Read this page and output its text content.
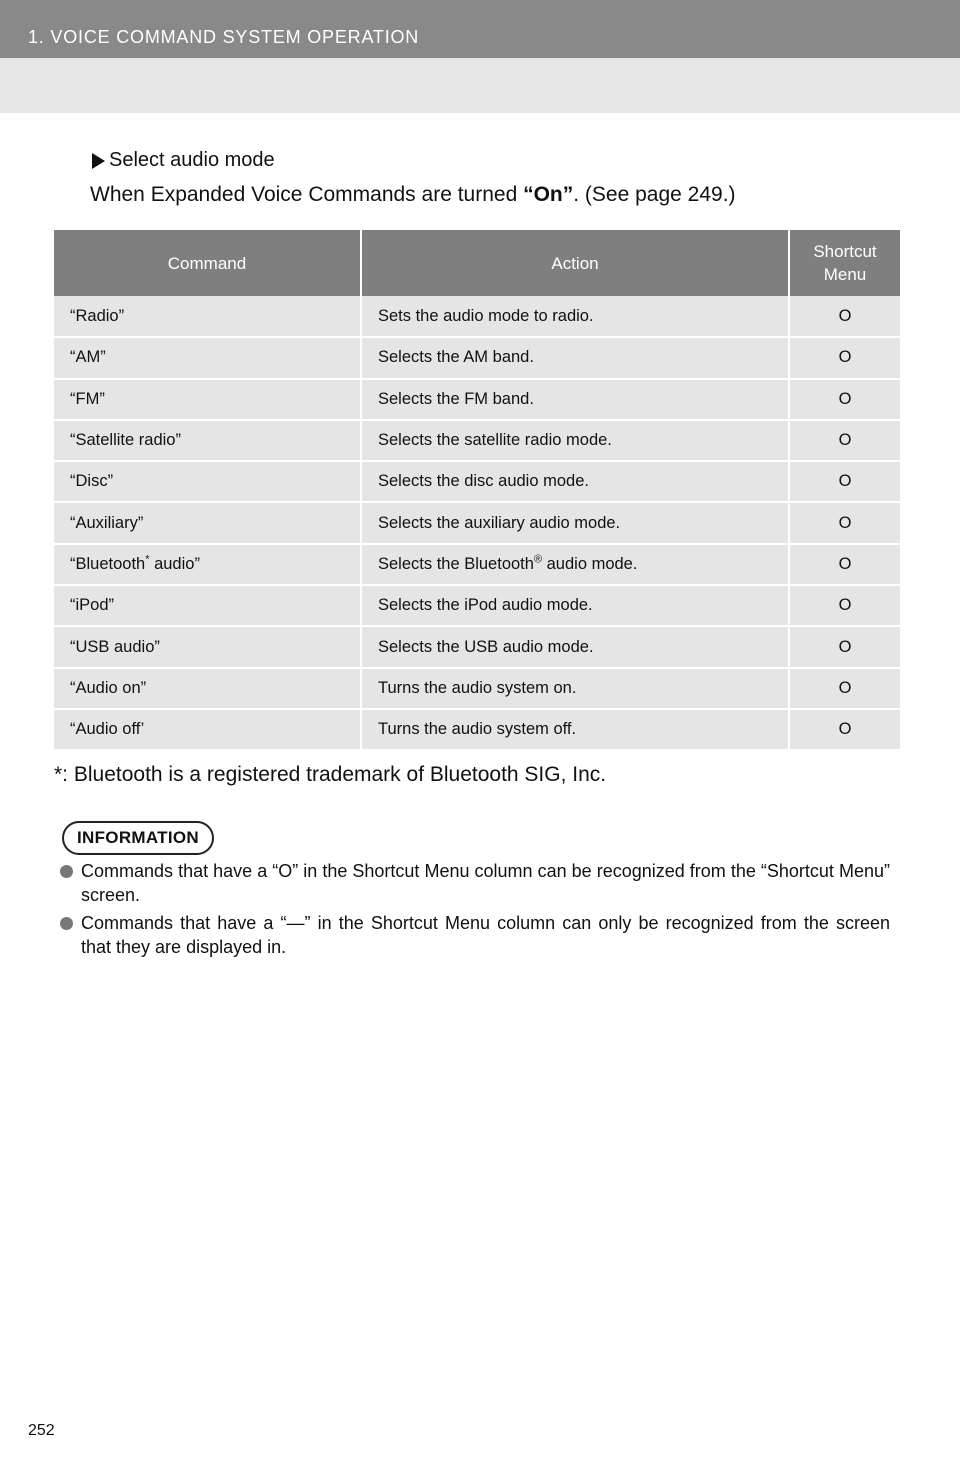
1. VOICE COMMAND SYSTEM OPERATION
Select audio mode
When Expanded Voice Commands are turned “On”. (See page 249.)
Command	Action	Shortcut
Menu
“Radio”	Sets the audio mode to radio.	O
“AM”	Selects the AM band.	O
“FM”	Selects the FM band.	O
“Satellite radio”	Selects the satellite radio mode.	O
“Disc”	Selects the disc audio mode.	O
“Auxiliary”	Selects the auxiliary audio mode.	O
“Bluetooth* audio”	Selects the Bluetooth® audio mode.	O
“iPod”	Selects the iPod audio mode.	O
“USB audio”	Selects the USB audio mode.	O
“Audio on”	Turns the audio system on.	O
“Audio off’	Turns the audio system off.	O
*: Bluetooth is a registered trademark of Bluetooth SIG, Inc.
INFORMATION
Commands that have a “O” in the Shortcut Menu column can be recognized from the “Shortcut Menu” screen.
Commands that have a “—” in the Shortcut Menu column can only be recognized from the screen that they are displayed in.
252
